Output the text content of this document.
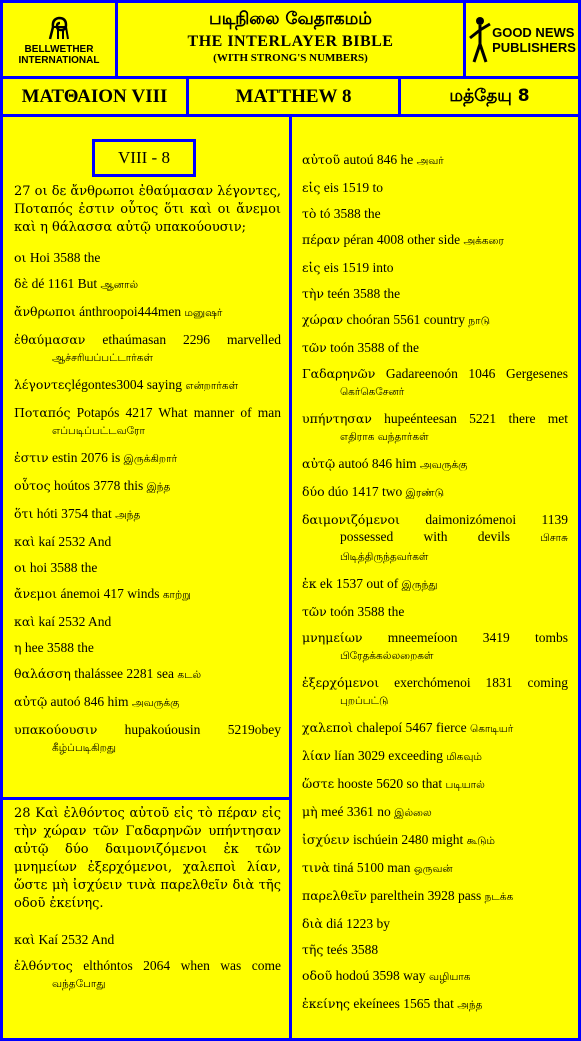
BELLWETHER
INTERNATIONAL
படிநிலை வேதாகமம்
THE INTERLAYER BIBLE
(WITH STRONG'S NUMBERS)
GOOD NEWS
PUBLISHERS
ΜΑΤΘΑΙΟΝ VIII	MATTHEW 8	மத்தேயு 8
27 οι δε ἄνθρωποι ἐθαύμασαν λέγοντες, Ποταπός ἐστιν οὗτος ὅτι καὶ οι ἄνεμοι καὶ η θάλασσα αὐτῷ υπακούουσιν;
οι Hoi 3588 the
δὲ dé 1161 But ஆனால்
ἄνθρωποι ánthroopoi444men மனுஷர்
ἐθαύμασαν ethaúmasan 2296 marvelled ஆச்சரியப்பட்டார்கள்
λέγοντεςlégontes3004 saying என்றார்கள்
Ποταπός Potapós 4217 What manner of man எப்படிப்பட்டவரோ
ἐστιν estin 2076 is இருக்கிறார்
οὗτος hoútos 3778 this இந்த
ὅτι hóti 3754 that அந்த
καὶ kaí 2532 And
οι hoi 3588 the
ἄνεμοι ánemoi 417 winds காற்று
καὶ kaí 2532 And
η hee 3588 the
θαλάσση thalássee 2281 sea கடல்
αὐτῷ autoó 846 him அவருக்கு
υπακούουσιν hupakoúousin 5219obey கீழ்ப்படிகிறது
VIII - 8
28 Καὶ ἐλθόντος αὐτοῦ εἰς τὸ πέραν εἰς τὴν χώραν τῶν Γαδαρηνῶν υπήντησαν αὐτῷ δύο δαιμονιζόμενοι ἐκ τῶν μνημείων ἐξερχόμενοι, χαλεποὶ λίαν, ὥστε μὴ ἰσχύειν τινὰ παρελθεῖν διὰ τῆς οδοῦ ἐκείνης.
καὶ Kaí 2532 And
ἐλθόντος elthóntos 2064 when was come வந்தபோது
αὐτοῦ autoú 846 he அவர்
εἰς eis 1519 to
τὸ tó 3588 the
πέραν péran 4008 other side அக்கரை
εἰς eis 1519 into
τὴν teén 3588 the
χώραν choóran 5561 country நாடு
τῶν toón 3588 of the
Γαδαρηνῶν Gadareenoón 1046 Gergesenes கெர்கெசேனர்
υπήντησαν hupeénteesan 5221 there met எதிராக வந்தார்கள்
αὐτῷ autoó 846 him அவருக்கு
δύο dúo 1417 two இரண்டு
δαιμονιζόμενοι daimonizómenoi 1139 possessed with devils பிசாசு பிடித்திருந்தவர்கள்
ἐκ ek 1537 out of இருந்து
τῶν toón 3588 the
μνημείων mneemeíoon 3419 tombs பிரேதக்கல்லறைகள்
ἐξερχόμενοι exerchómenoi 1831 coming புறப்பட்டு
χαλεποὶ chalepoí 5467 fierce கொடியர்
λίαν lían 3029 exceeding மிகவும்
ὥστε hooste 5620 so that படியால்
μὴ meé 3361 no இல்லை
ἰσχύειν ischúein 2480 might கூடும்
τινὰ tiná 5100 man ஒருவன்
παρελθεῖν parelthein 3928 pass நடக்க
διὰ diá 1223 by
τῆς teés 3588
οδοῦ hodoú 3598 way வழியாக
ἐκείνης ekeínees 1565 that அந்த
